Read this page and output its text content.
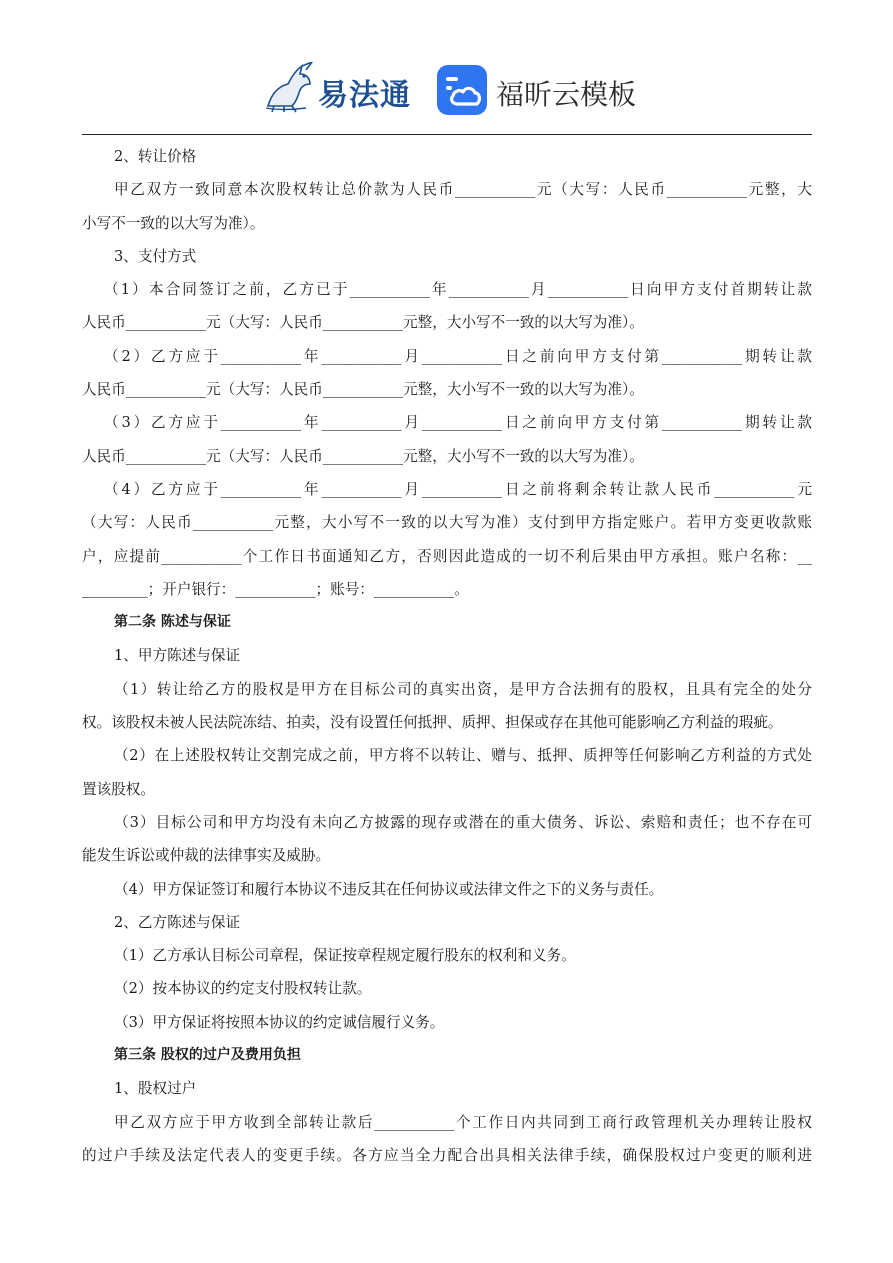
易法通	福昕云模板
2、转让价格
甲乙双方一致同意本次股权转让总价款为人民币___________元（大写：人民币___________元整，大
小写不一致的以大写为准）。
3、支付方式
（1）本合同签订之前，乙方已于___________年___________月___________日向甲方支付首期转让款
人民币___________元（大写：人民币___________元整，大小写不一致的以大写为准）。
（2）乙方应于___________年___________月___________日之前向甲方支付第___________期转让款
人民币___________元（大写：人民币___________元整，大小写不一致的以大写为准）。
（3）乙方应于___________年___________月___________日之前向甲方支付第___________期转让款
人民币___________元（大写：人民币___________元整，大小写不一致的以大写为准）。
（4）乙方应于___________年___________月___________日之前将剩余转让款人民币___________元
（大写：人民币___________元整，大小写不一致的以大写为准）支付到甲方指定账户。若甲方变更收款账
户，应提前___________个工作日书面通知乙方，否则因此造成的一切不利后果由甲方承担。账户名称：__
_________；开户银行：___________；账号：___________。
第二条 陈述与保证
1、甲方陈述与保证
（1）转让给乙方的股权是甲方在目标公司的真实出资，是甲方合法拥有的股权，且具有完全的处分
权。该股权未被人民法院冻结、拍卖，没有设置任何抵押、质押、担保或存在其他可能影响乙方利益的瑕疵。
（2）在上述股权转让交割完成之前，甲方将不以转让、赠与、抵押、质押等任何影响乙方利益的方式处
置该股权。
（3）目标公司和甲方均没有未向乙方披露的现存或潜在的重大债务、诉讼、索赔和责任；也不存在可
能发生诉讼或仲裁的法律事实及威胁。
（4）甲方保证签订和履行本协议不违反其在任何协议或法律文件之下的义务与责任。
2、乙方陈述与保证
（1）乙方承认目标公司章程，保证按章程规定履行股东的权利和义务。
（2）按本协议的约定支付股权转让款。
（3）甲方保证将按照本协议的约定诚信履行义务。
第三条 股权的过户及费用负担
1、股权过户
甲乙双方应于甲方收到全部转让款后___________个工作日内共同到工商行政管理机关办理转让股权
的过户手续及法定代表人的变更手续。各方应当全力配合出具相关法律手续，确保股权过户变更的顺利进
